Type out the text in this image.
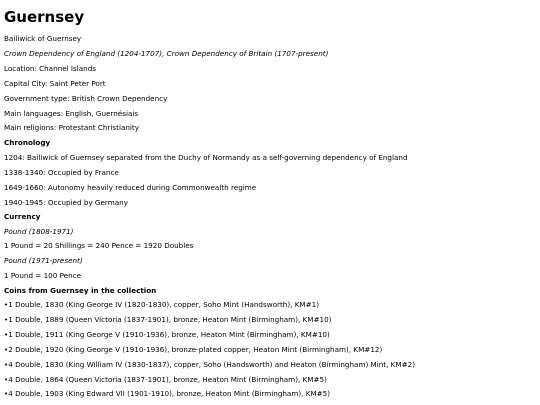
Guernsey

Bailiwick of Guernsey

Crown Dependency of England (1204-1707), Crown Dependency of Britain (1707-present)

Location: Channel Islands

Capital City: Saint Peter Port

Government type: British Crown Dependency

Main languages: English, Guernésiais

Main religions: Protestant Christianity

Chronology

1204: Bailiwick of Guernsey separated from the Duchy of Normandy as a self-governing dependency of England

1338-1340: Occupied by France

1649-1660: Autonomy heavily reduced during Commonwealth regime

1940-1945: Occupied by Germany

Currency

Pound (1808-1971)

1 Pound = 20 Shillings = 240 Pence = 1920 Doubles

Pound (1971-present)

1 Pound = 100 Pence

Coins from Guernsey in the collection

•1 Double, 1830 (King George IV (1820-1830), copper, Soho Mint (Handsworth), KM#1)

•1 Double, 1889 (Queen Victoria (1837-1901), bronze, Heaton Mint (Birmingham), KM#10)

•1 Double, 1911 (King George V (1910-1936), bronze, Heaton Mint (Birmingham), KM#10)

•2 Double, 1920 (King George V (1910-1936), bronze-plated copper, Heaton Mint (Birmingham), KM#12)

•4 Double, 1830 (King William IV (1830-1837), copper, Soho (Handsworth) and Heaton (Birmingham) Mint, KM#2)

•4 Double, 1864 (Queen Victoria (1837-1901), bronze, Heaton Mint (Birmingham), KM#5)

•4 Double, 1903 (King Edward VII (1901-1910), bronze, Heaton Mint (Birmingham), KM#5)
